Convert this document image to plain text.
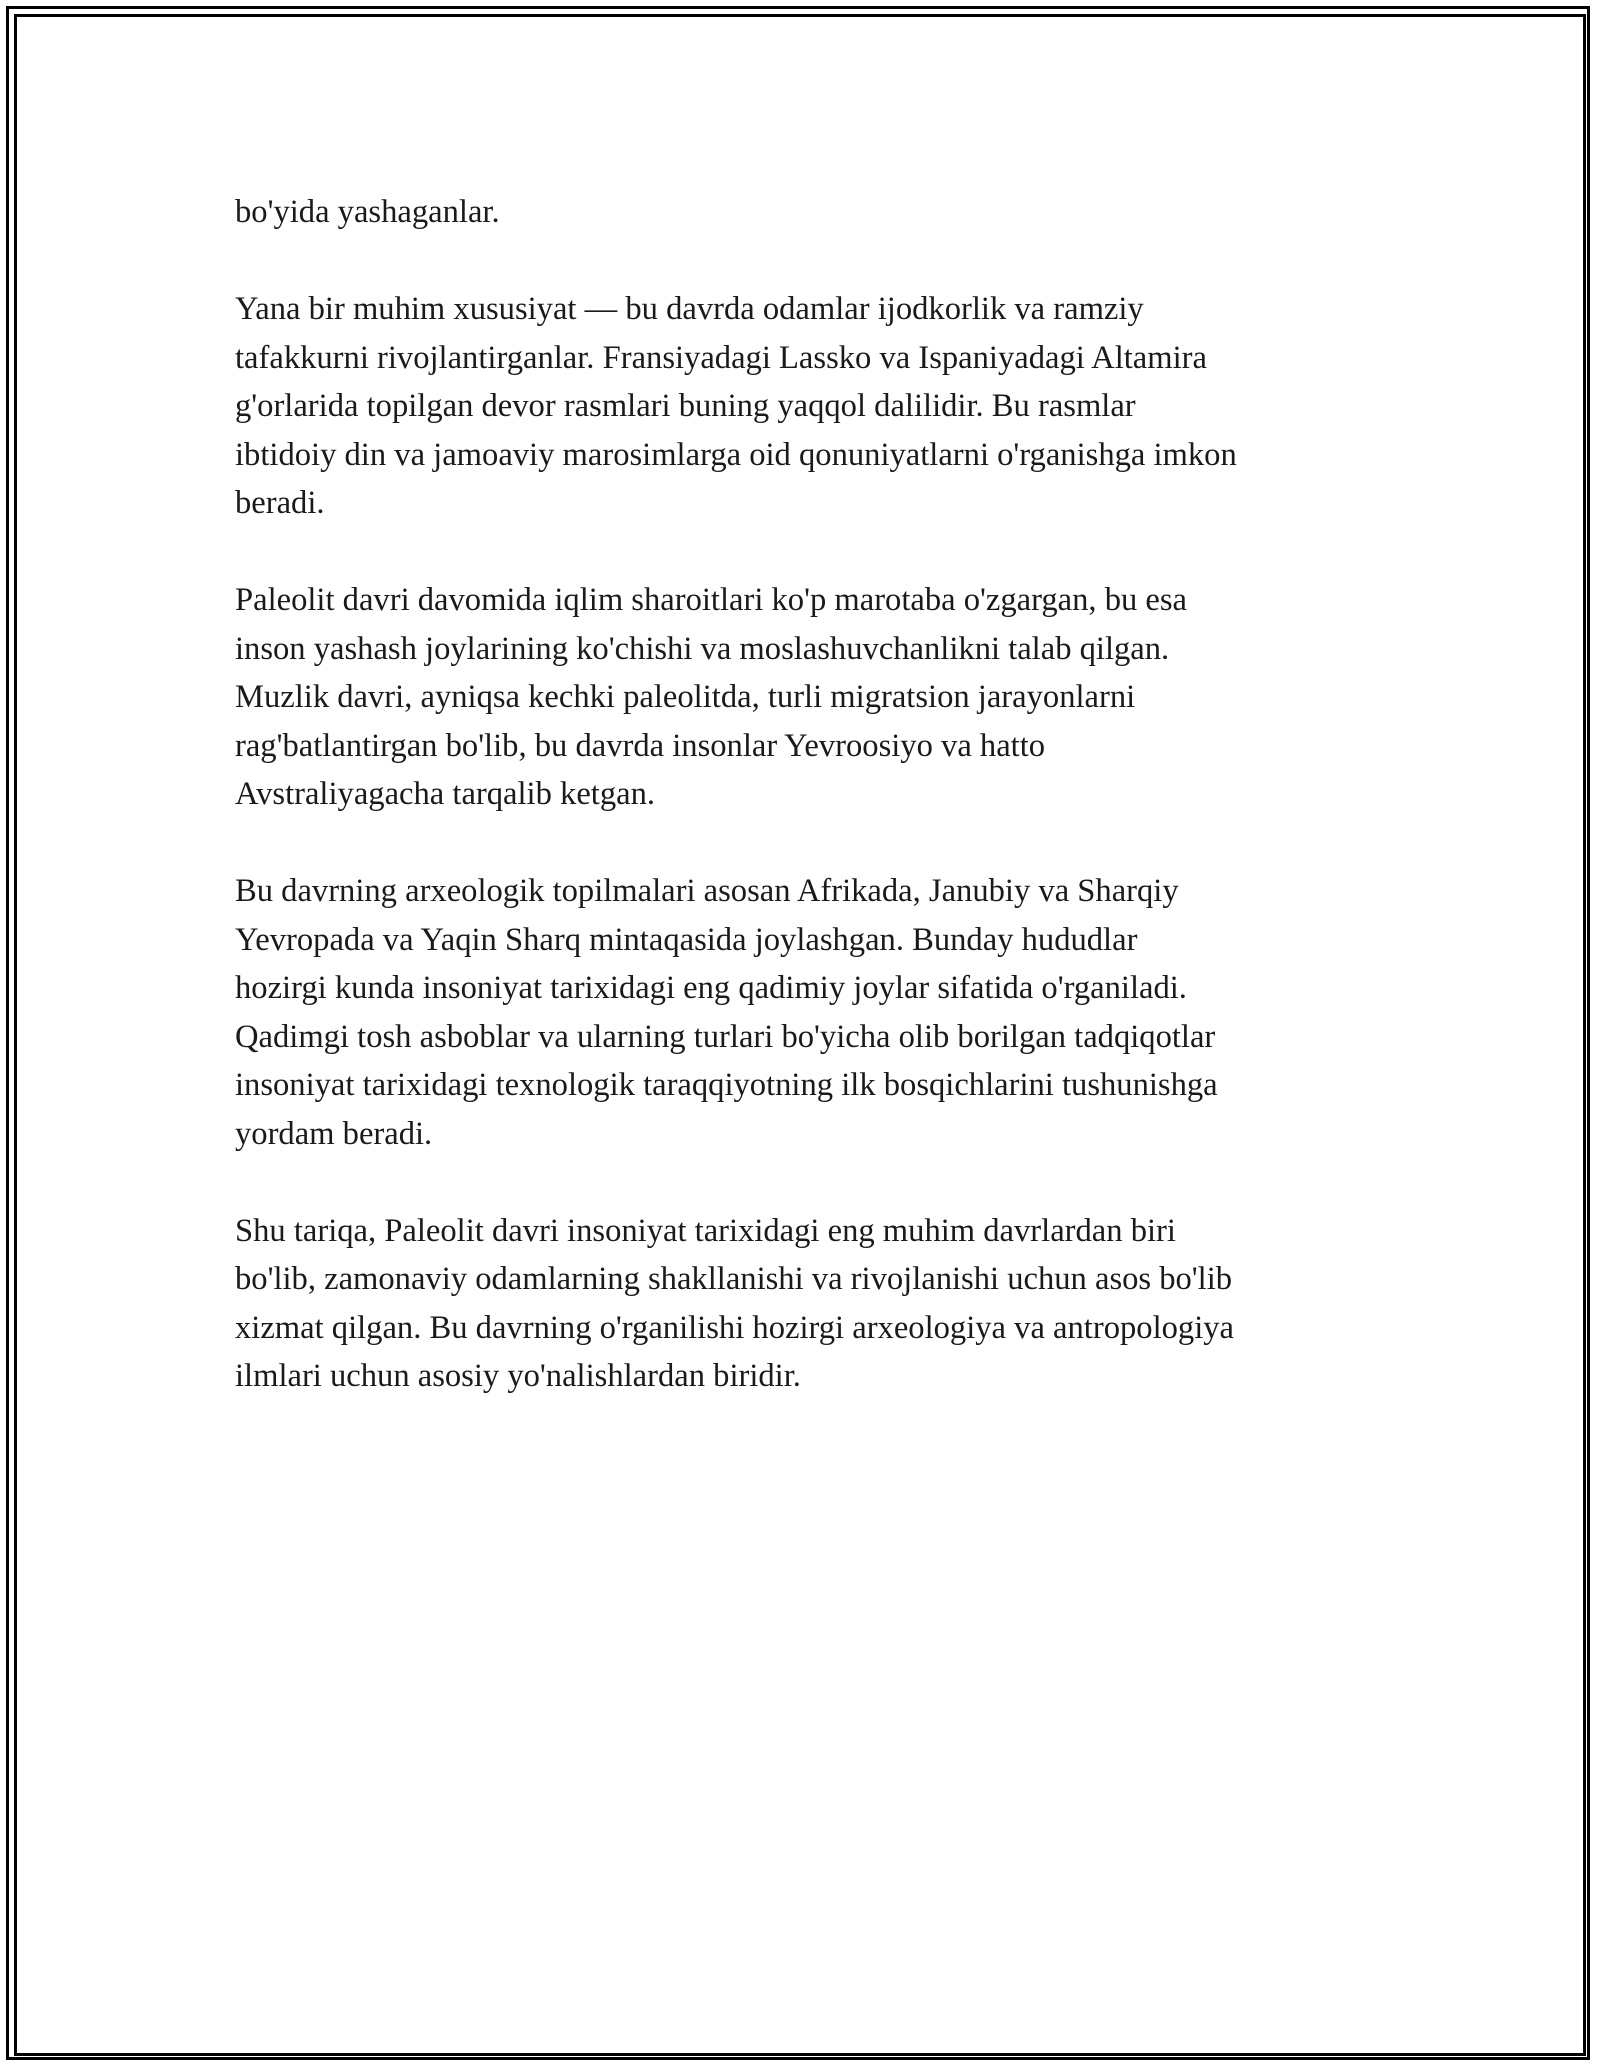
bo'yida yashaganlar.

Yana bir muhim xususiyat — bu davrda odamlar ijodkorlik va ramziy
tafakkurni rivojlantirganlar. Fransiyadagi Lassko va Ispaniyadagi Altamira
g'orlarida topilgan devor rasmlari buning yaqqol dalilidir. Bu rasmlar
ibtidoiy din va jamoaviy marosimlarga oid qonuniyatlarni o'rganishga imkon
beradi.

Paleolit davri davomida iqlim sharoitlari ko'p marotaba o'zgargan, bu esa
inson yashash joylarining ko'chishi va moslashuvchanlikni talab qilgan.
Muzlik davri, ayniqsa kechki paleolitda, turli migratsion jarayonlarni
rag'batlantirgan bo'lib, bu davrda insonlar Yevroosiyo va hatto
Avstraliyagacha tarqalib ketgan.

Bu davrning arxeologik topilmalari asosan Afrikada, Janubiy va Sharqiy
Yevropada va Yaqin Sharq mintaqasida joylashgan. Bunday hududlar
hozirgi kunda insoniyat tarixidagi eng qadimiy joylar sifatida o'rganiladi.
Qadimgi tosh asboblar va ularning turlari bo'yicha olib borilgan tadqiqotlar
insoniyat tarixidagi texnologik taraqqiyotning ilk bosqichlarini tushunishga
yordam beradi.

Shu tariqa, Paleolit davri insoniyat tarixidagi eng muhim davrlardan biri
bo'lib, zamonaviy odamlarning shakllanishi va rivojlanishi uchun asos bo'lib
xizmat qilgan. Bu davrning o'rganilishi hozirgi arxeologiya va antropologiya
ilmlari uchun asosiy yo'nalishlardan biridir.
